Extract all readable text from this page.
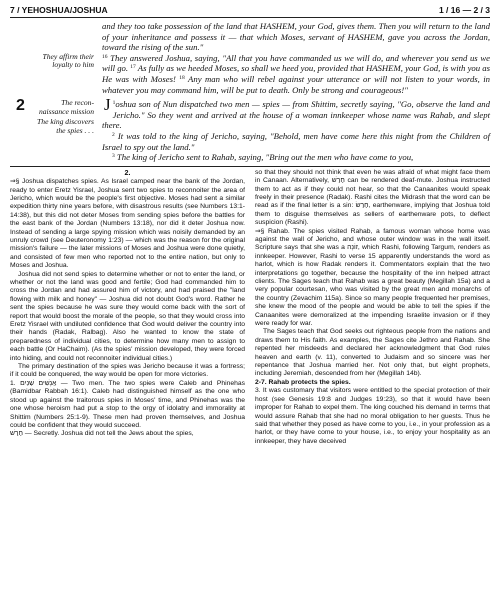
7 / YEHOSHUA/JOSHUA	1 / 16 — 2 / 3

and they too take possession of the land that HASHEM, your God, gives them. Then you will return to the land of your inheritance and possess it — that which Moses, servant of HASHEM, gave you across the Jordan, toward the rising of the sun."

They affirm their loyalty to him

$^{16}$ They answered Joshua, saying, "All that you have commanded us we will do, and wherever you send us we will go. $^{17}$ As fully as we heeded Moses, so shall we heed you, provided that HASHEM, your God, is with you as He was with Moses! $^{18}$ Any man who will rebel against your utterance or will not listen to your words, in whatever you may command him, will be put to death. Only be strong and courageous!"

2	The recon-naissance mission
The king discovers the spies . . .

$^1$
J oshua son of Nun dispatched two men — spies — from Shittim, secretly saying, "Go, observe the land and Jericho." So they went and arrived at the house of a woman innkeeper whose name was Rahab, and slept there.

$^2$ It was told to the king of Jericho, saying, "Behold, men have come here this night from the Children of Israel to spy out the land."

$^3$ The king of Jericho sent to Rahab, saying, "Bring out the men who have come to you,

2.

⇒§ Joshua dispatches spies. As Israel camped near the bank of the Jordan, ready to enter Eretz Yisrael, Joshua sent two spies to reconnoiter the area of Jericho, which would be the people's first objective. Moses had sent a similar expedition thirty nine years before, with disastrous results (see Numbers 13:1-14:38), but this did not deter Moses from sending spies before the battles for the east bank of the Jordan (Numbers 13:18), nor did it deter Joshua now. Instead of sending a large spying mission which was noisily demanded by an unruly crowd (see Deuteronomy 1:23) — which was the reason for the original mission's failure — the later missions of Moses and Joshua were done quietly, and consisted of few men who reported not to the entire nation, but only to Moses and Joshua.

Joshua did not send spies to determine whether or not to enter the land, or whether or not the land was good and fertile; God had commanded him to cross the Jordan and had assured him of victory, and had praised the "land flowing with milk and honey" — Joshua did not doubt God's word. Rather he sent the spies because he was sure they would come back with the sort of report that would boost the morale of the people, so that they would cross into Eretz Yisrael with undiluted confidence that God would deliver the country into their hands (Radak, Ralbag). Also he wanted to know the state of preparedness of individual cities, to determine how many men to assign to each battle (Or HaChaim). (As the spies' mission developed, they were forced into hiding, and could not reconnoiter individual cities.)

The primary destination of the spies was Jericho because it was a fortress; if it could be conquered, the way would be open for more victories.

1. אֲנָשִׁים שְׁנַיִם — Two men. The two spies were Caleb and Phinehas (Bamidbar Rabbah 16:1). Caleb had distinguished himself as the one who stood up against the traitorous spies in Moses' time, and Phinehas was the one whose heroism had put a stop to the orgy of idolatry and immorality at Shittim (Numbers 25:1-9). These men had proven themselves, and Joshua could be confident that they would succeed.

חֶרֶשׁ — Secretly. Joshua did not tell the Jews about the spies,

so that they should not think that even he was afraid of what might face them in Canaan. Alternatively, חֶרֶשׁ can be rendered deaf-mute. Joshua instructed them to act as if they could not hear, so that the Canaanites would speak freely in their presence (Radak). Rashi cites the Midrash that the word can be read as if the final letter is a sin: חֶרֶשׂ, earthenware, implying that Joshua told them to disguise themselves as sellers of earthenware pots, to deflect suspicion (Rashi).

⇒§ Rahab. The spies visited Rahab, a famous woman whose home was against the wall of Jericho, and whose outer window was in the wall itself. Scripture says that she was a זוֹנָה, which Rashi, following Targum, renders as innkeeper. However, Rashi to verse 15 apparently understands the word as harlot, which is how Radak renders it. Commentators explain that the two interpretations go together, because the hospitality of the inn helped attract clients. The Sages teach that Rahab was a great beauty (Megillah 15a) and a very popular courtesan, who was visited by the great men and monarchs of the country (Zevachim 115a). Since so many people frequented her premises, she knew the mood of the people and would be able to tell the spies if the Canaanites were demoralized at the impending Israelite invasion or if they were ready for war.

The Sages teach that God seeks out righteous people from the nations and draws them to His faith. As examples, the Sages cite Jethro and Rahab. She repented her misdeeds and declared her acknowledgment that God rules heaven and earth (v. 11), converted to Judaism and so sincere was her repentance that Joshua married her. Not only that, but eight prophets, including Jeremiah, descended from her (Megillah 14b).

2-7. Rahab protects the spies.

3. It was customary that visitors were entitled to the special protection of their host (see Genesis 19:8 and Judges 19:23), so that it would have been improper for Rahab to expel them. The king couched his demand in terms that would assure Rahab that she had no moral obligation to her guests. Thus he said that whether they posed as have come to you, i.e., in your profession as a harlot, or they have come to your house, i.e., to enjoy your hospitality as an innkeeper, they have deceived
